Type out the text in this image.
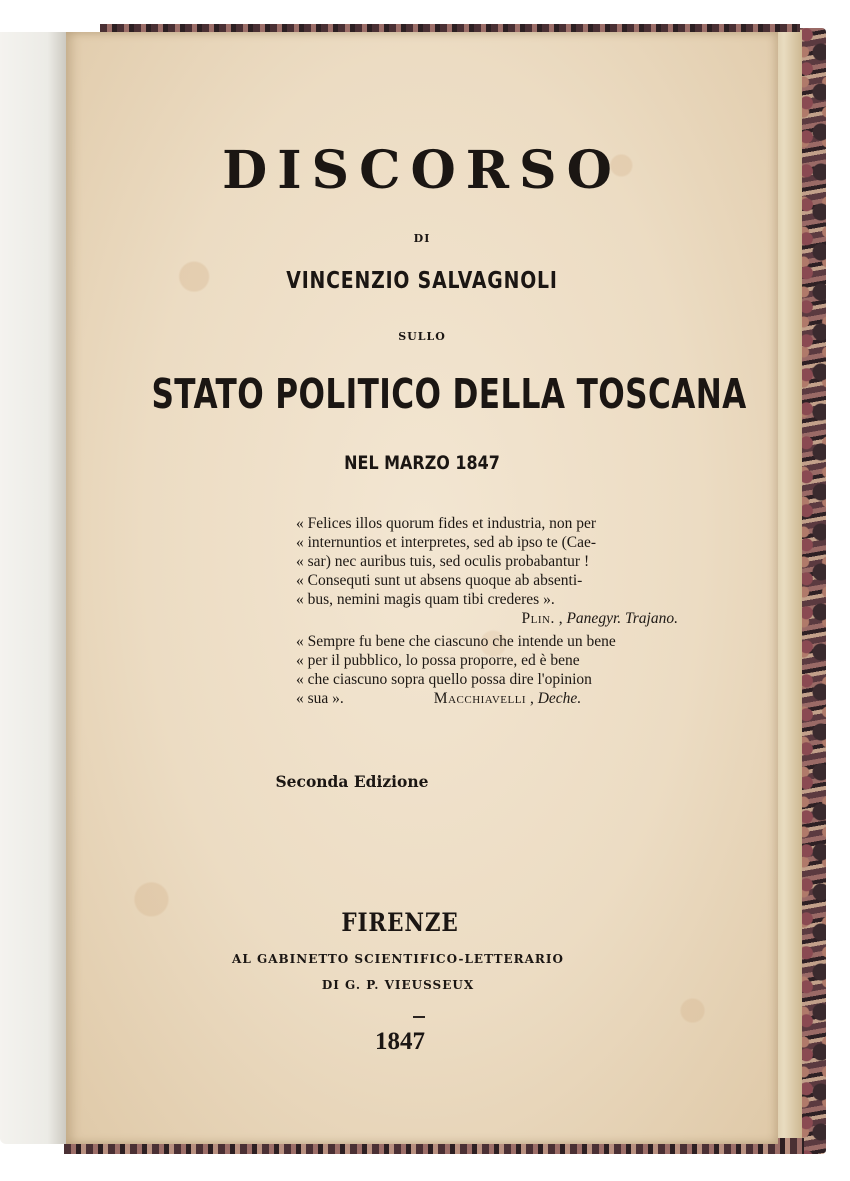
DISCORSO
DI
VINCENZIO SALVAGNOLI
SULLO
STATO POLITICO DELLA TOSCANA
NEL MARZO 1847
« Felices illos quorum fides et industria, non per
« internuntios et interpretes, sed ab ipso te (Cae-
« sar) nec auribus tuis, sed oculis probabantur !
« Consequti sunt ut absens quoque ab absenti-
« bus, nemini magis quam tibi crederes ».
Plin. , Panegyr. Trajano.
« Sempre fu bene che ciascuno che intende un bene
« per il pubblico, lo possa proporre, ed è bene
« che ciascuno sopra quello possa dire l'opinion
« sua ».	Macchiavelli , Deche.
Seconda Edizione
FIRENZE
AL GABINETTO SCIENTIFICO-LETTERARIO
DI G. P. VIEUSSEUX
1847
